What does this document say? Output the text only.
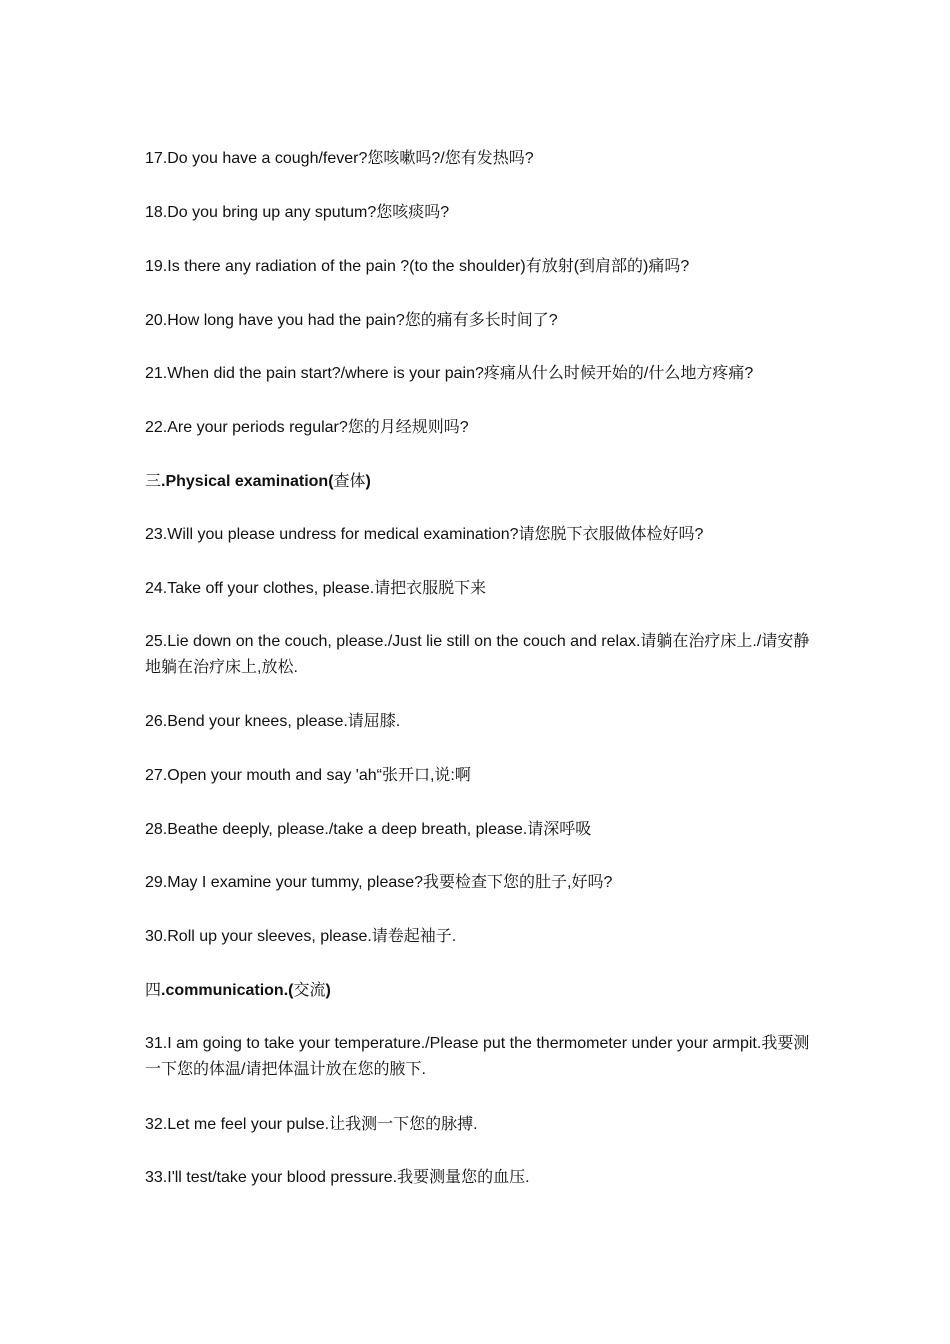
17.Do you have a cough/fever?您咳嗽吗?/您有发热吗?
18.Do you bring up any sputum?您咳痰吗?
19.Is there any radiation of the pain ?(to the shoulder)有放射(到肩部的)痛吗?
20.How long have you had the pain?您的痛有多长时间了?
21.When did the pain start?/where is your pain?疼痛从什么时候开始的/什么地方疼痛?
22.Are your periods regular?您的月经规则吗?
三.Physical examination(查体)
23.Will you please undress for medical examination?请您脱下衣服做体检好吗?
24.Take off your clothes, please.请把衣服脱下来
25.Lie down on the couch, please./Just lie still on the couch and relax.请躺在治疗床上./请安静地躺在治疗床上,放松.
26.Bend your knees, please.请屈膝.
27.Open your mouth and say 'ah“张开口,说:啊
28.Beathe deeply, please./take a deep breath, please.请深呼吸
29.May I examine your tummy, please?我要检查下您的肚子,好吗?
30.Roll up your sleeves, please.请卷起袖子.
四.communication.(交流)
31.I am going to take your temperature./Please put the thermometer under your armpit.我要测一下您的体温/请把体温计放在您的腋下.
32.Let me feel your pulse.让我测一下您的脉搏.
33.I'll test/take your blood pressure.我要测量您的血压.
